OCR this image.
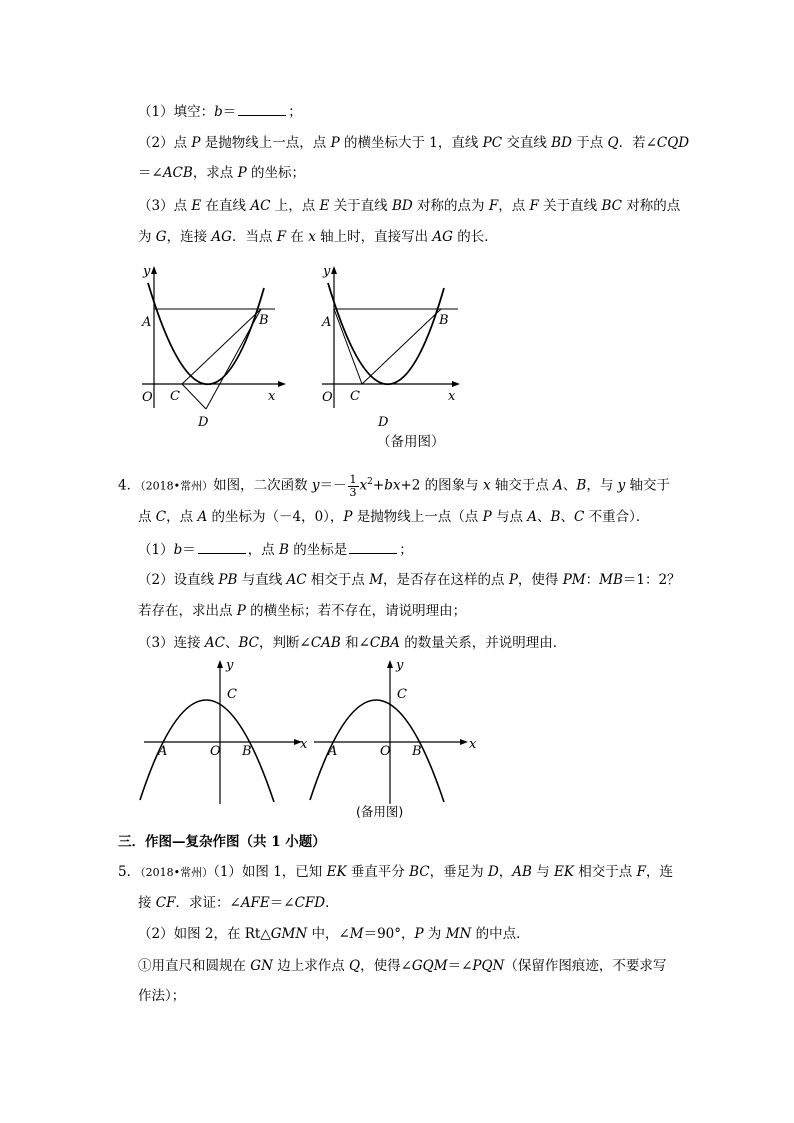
（1）填空：b＝	；
（2）点 P 是抛物线上一点，点 P 的横坐标大于 1，直线 PC 交直线 BD 于点 Q．若∠CQD
＝∠ACB，求点 P 的坐标；
（3）点 E 在直线 AC 上，点 E 关于直线 BD 对称的点为 F，点 F 关于直线 BC 对称的点
为 G，连接 AG．当点 F 在 x 轴上时，直接写出 AG 的长．
y
x
O
A	B
C
D
y
x
O
A	B
C
D
（备用图）
4．（2018•常州）如图，二次函数 $y=- \frac{1}{3} x^2+bx+2$ 的图象与 x 轴交于点 A、B，与 y 轴交于
点 C，点 A 的坐标为（－4，0），P 是抛物线上一点（点 P 与点 A、B、C 不重合）．
（1）b＝	，点 B 的坐标是	；
（2）设直线 PB 与直线 AC 相交于点 M，是否存在这样的点 P，使得 PM：MB＝1：2？
若存在，求出点 P 的横坐标；若不存在，请说明理由；
（3）连接 AC、BC，判断∠CAB 和∠CBA 的数量关系，并说明理由．
y
x
O
A	B
C
y
x
O
A	B
C
(备用图)
三．作图—复杂作图（共 1 小题）
5．（2018•常州）（1）如图 1，已知 EK 垂直平分 BC，垂足为 D，AB 与 EK 相交于点 F，连
接 CF．求证：∠AFE＝∠CFD．
（2）如图 2，在 Rt△GMN 中，∠M＝90°，P 为 MN 的中点．
①用直尺和圆规在 GN 边上求作点 Q，使得∠GQM＝∠PQN（保留作图痕迹，不要求写
作法）；
